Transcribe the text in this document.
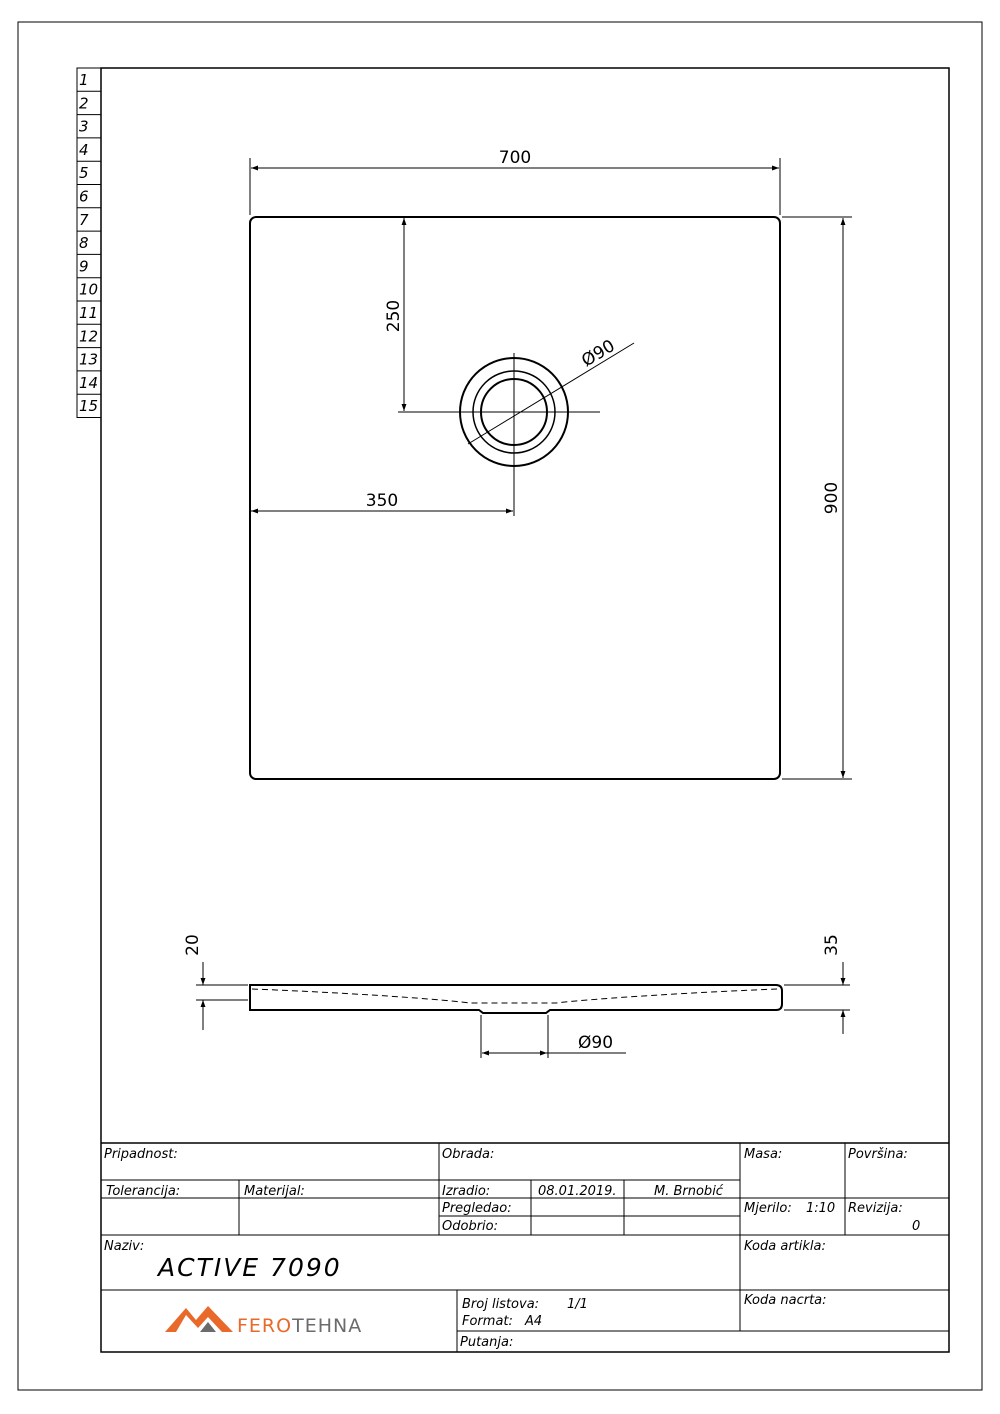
1
2
3
4
5
6
7
8
9
10
11
12
13
14
15
Ø90
700
900
250
350
20	35
Ø90
Pripadnost:	Obrada:	Masa:	Površina:
Tolerancija:	Materijal:	Izradio:	08.01.2019.	M. Brnobić
Pregledao:
Odobrio:
Mjerilo: 1:10 Revizija:
0
Naziv:
ACTIVE 7090
Koda artikla:
Koda nacrta:
Broj listova: 1/1
Format: A4
Putanja:
FEROTEHNA
